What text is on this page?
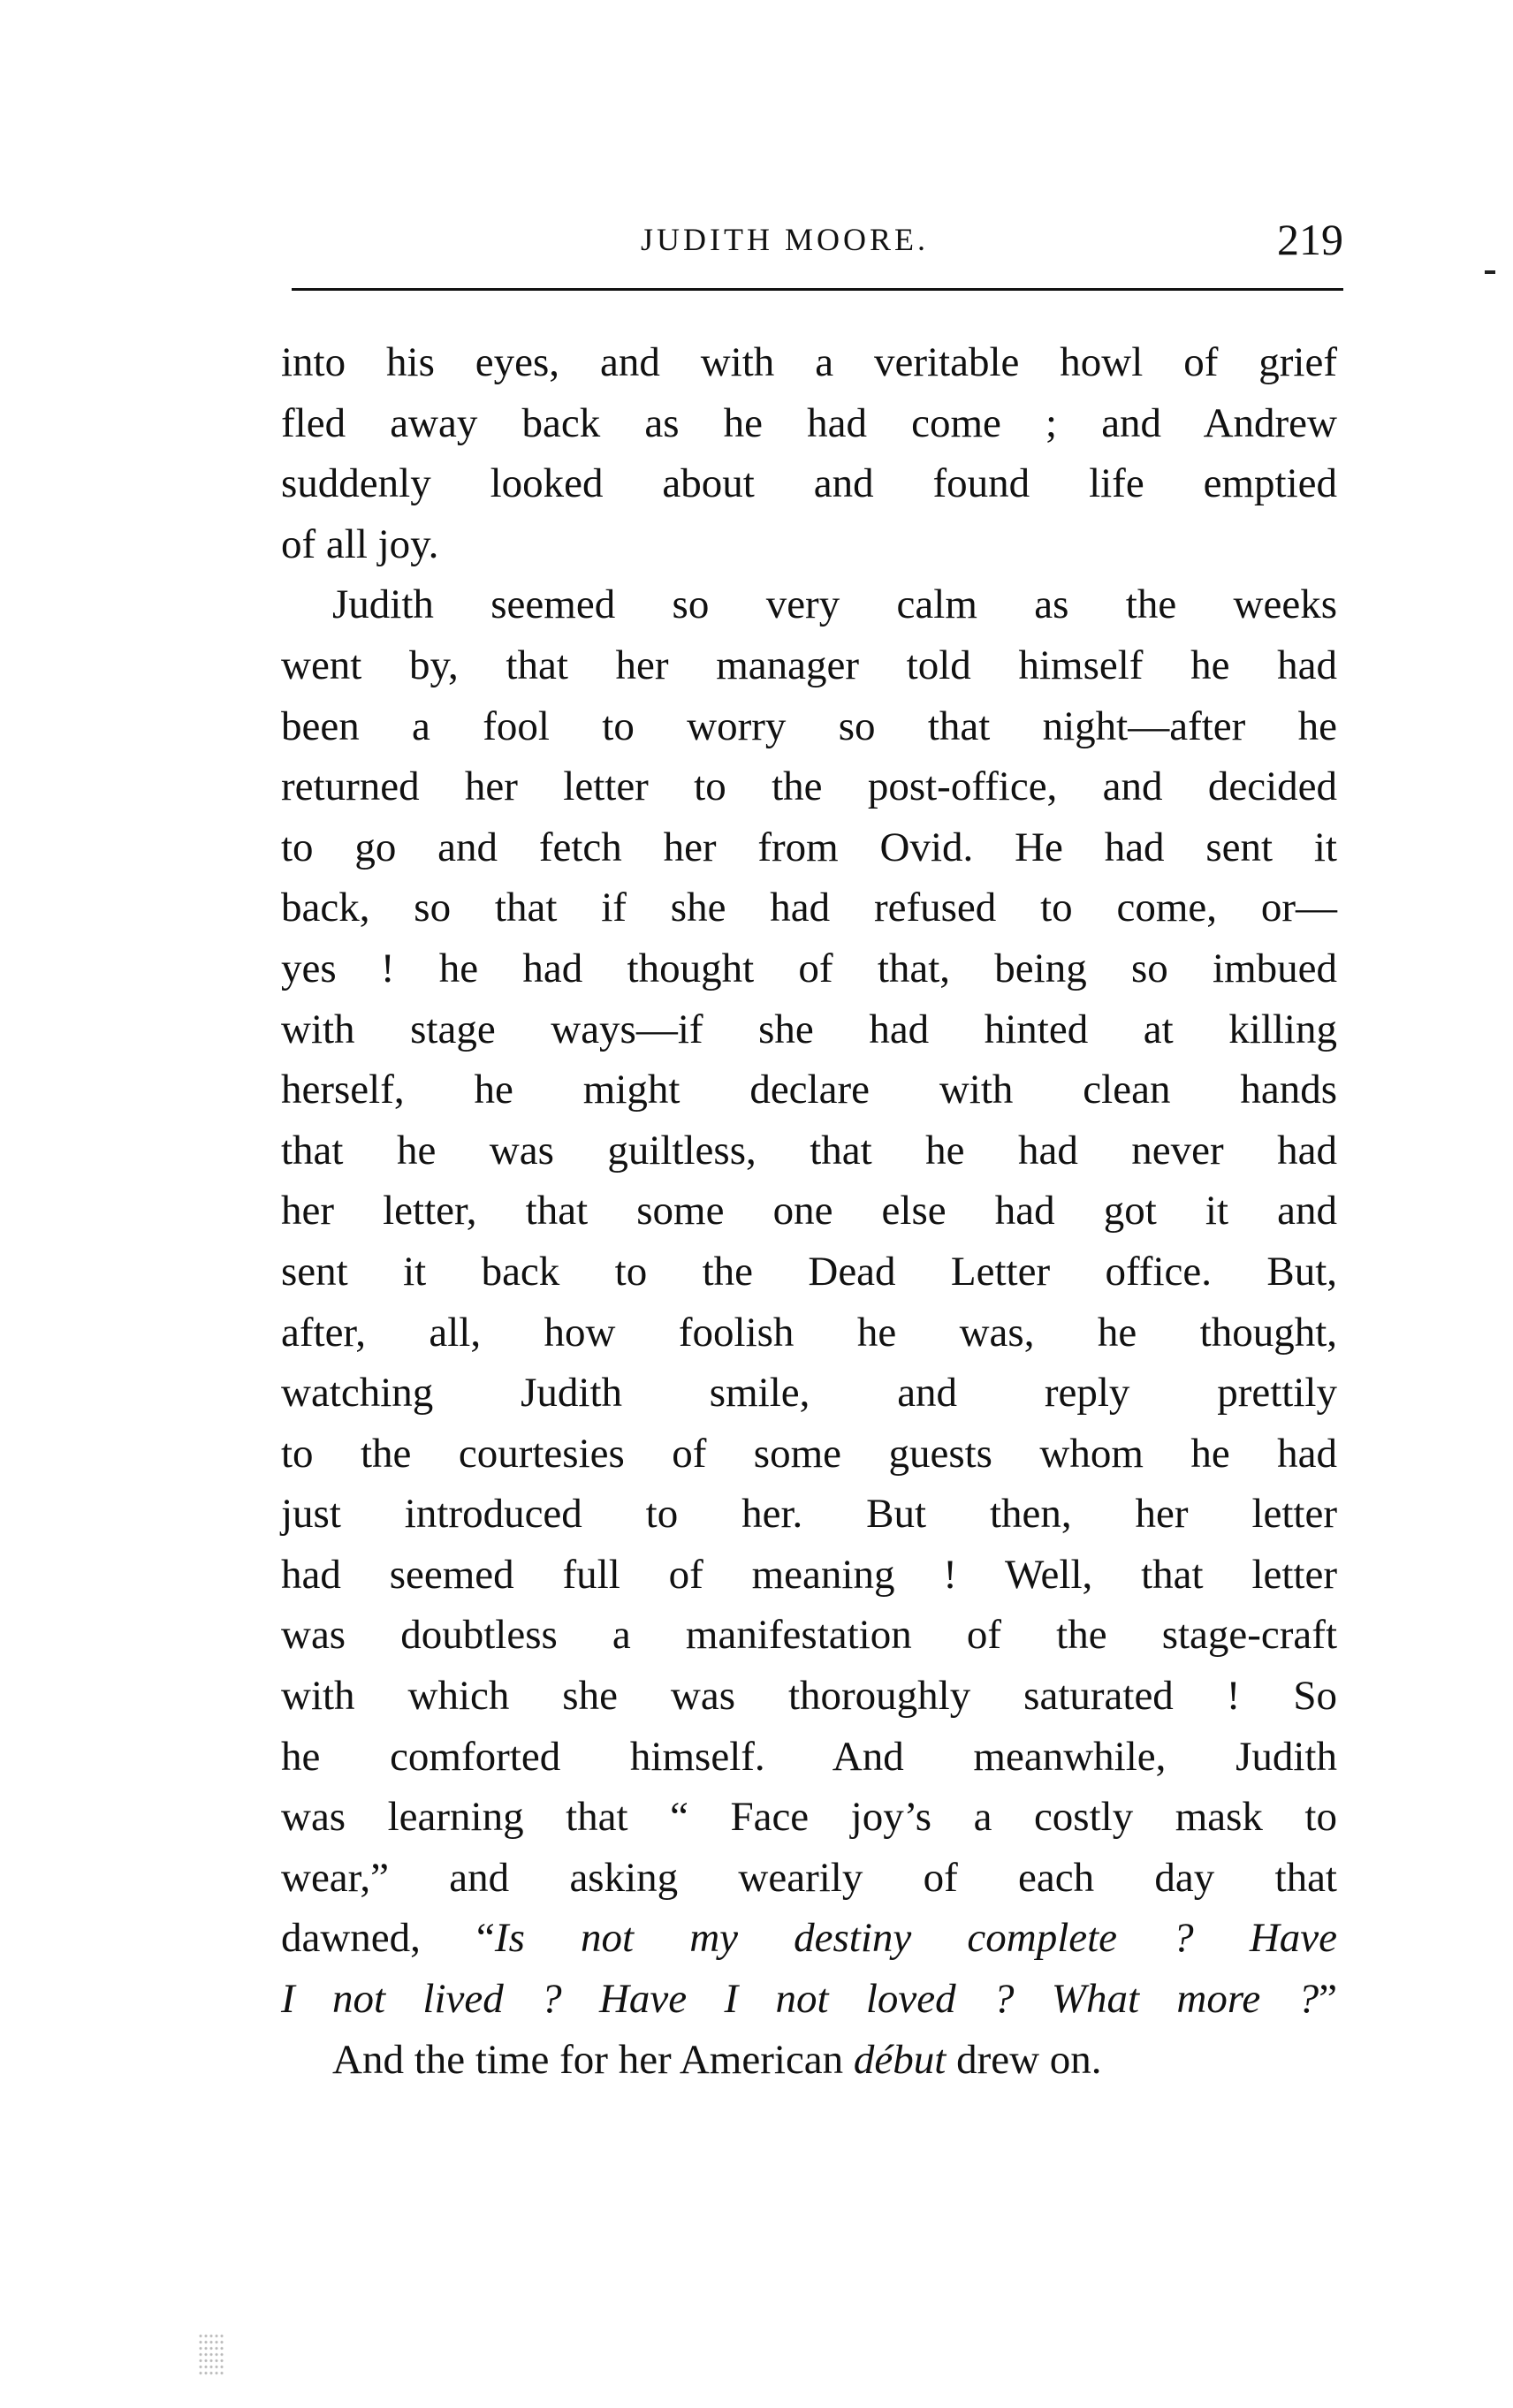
JUDITH MOORE.	219
into his eyes, and with a veritable howl of grief
fled away back as he had come ; and Andrew
suddenly looked about and found life emptied
of all joy.
Judith seemed so very calm as the weeks
went by, that her manager told himself he had
been a fool to worry so that night—after he
returned her letter to the post-office, and decided
to go and fetch her from Ovid. He had sent it
back, so that if she had refused to come, or—
yes ! he had thought of that, being so imbued
with stage ways—if she had hinted at killing
herself, he might declare with clean hands
that he was guiltless, that he had never had
her letter, that some one else had got it and
sent it back to the Dead Letter office. But,
after, all, how foolish he was, he thought,
watching Judith smile, and reply prettily
to the courtesies of some guests whom he had
just introduced to her. But then, her letter
had seemed full of meaning ! Well, that letter
was doubtless a manifestation of the stage-craft
with which she was thoroughly saturated ! So
he comforted himself. And meanwhile, Judith
was learning that “ Face joy’s a costly mask to
wear,” and asking wearily of each day that
dawned, “Is not my destiny complete ? Have
I not lived ? Have I not loved ? What more ?”
And the time for her American début drew on.
